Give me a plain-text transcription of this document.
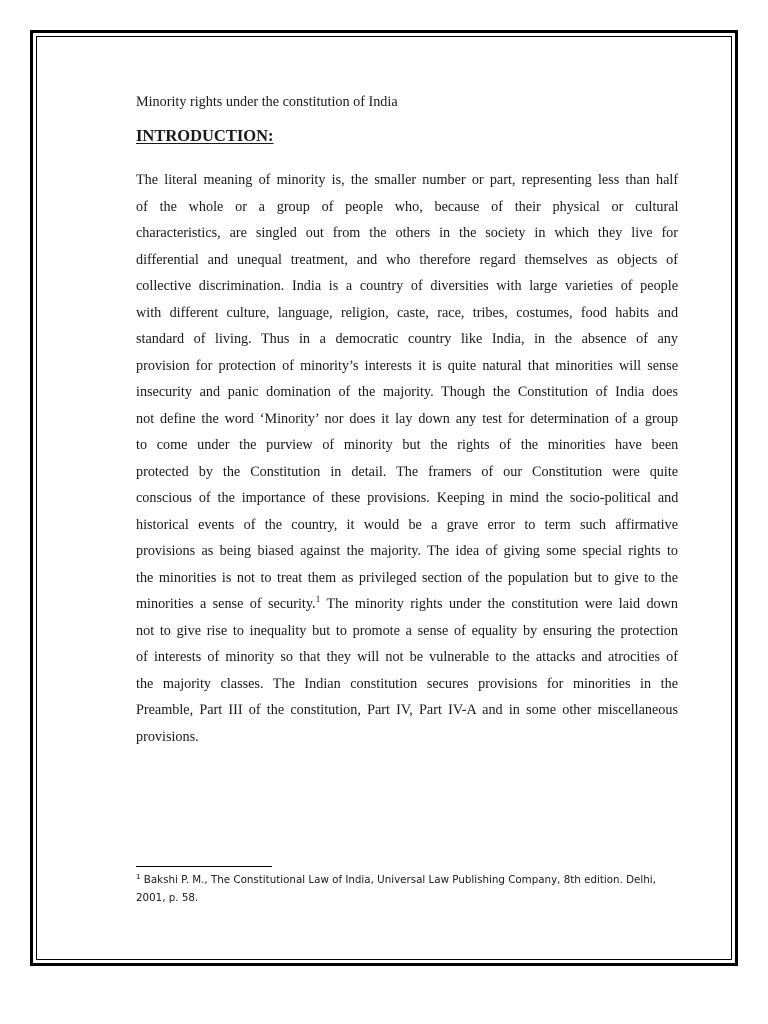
Minority rights under the constitution of India

INTRODUCTION:
The literal meaning of minority is, the smaller number or part, representing less than half
of the whole or a group of people who, because of their physical or cultural
characteristics, are singled out from the others in the society in which they live for
differential and unequal treatment, and who therefore regard themselves as objects of
collective discrimination. India is a country of diversities with large varieties of people
with different culture, language, religion, caste, race, tribes, costumes, food habits and
standard of living. Thus in a democratic country like India, in the absence of any
provision for protection of minority’s interests it is quite natural that minorities will sense
insecurity and panic domination of the majority. Though the Constitution of India does
not define the word ‘Minority’ nor does it lay down any test for determination of a group
to come under the purview of minority but the rights of the minorities have been
protected by the Constitution in detail. The framers of our Constitution were quite
conscious of the importance of these provisions. Keeping in mind the socio-political and
historical events of the country, it would be a grave error to term such affirmative
provisions as being biased against the majority. The idea of giving some special rights to
the minorities is not to treat them as privileged section of the population but to give to the
minorities a sense of security.$^1$ The minority rights under the constitution were laid down
not to give rise to inequality but to promote a sense of equality by ensuring the protection
of interests of minority so that they will not be vulnerable to the attacks and atrocities of
the majority classes. The Indian constitution secures provisions for minorities in the
Preamble, Part III of the constitution, Part IV, Part IV-A and in some other miscellaneous
provisions.
$^1$ Bakshi P. M., The Constitutional Law of India, Universal Law Publishing Company, 8th edition. Delhi,
2001, p. 58.
